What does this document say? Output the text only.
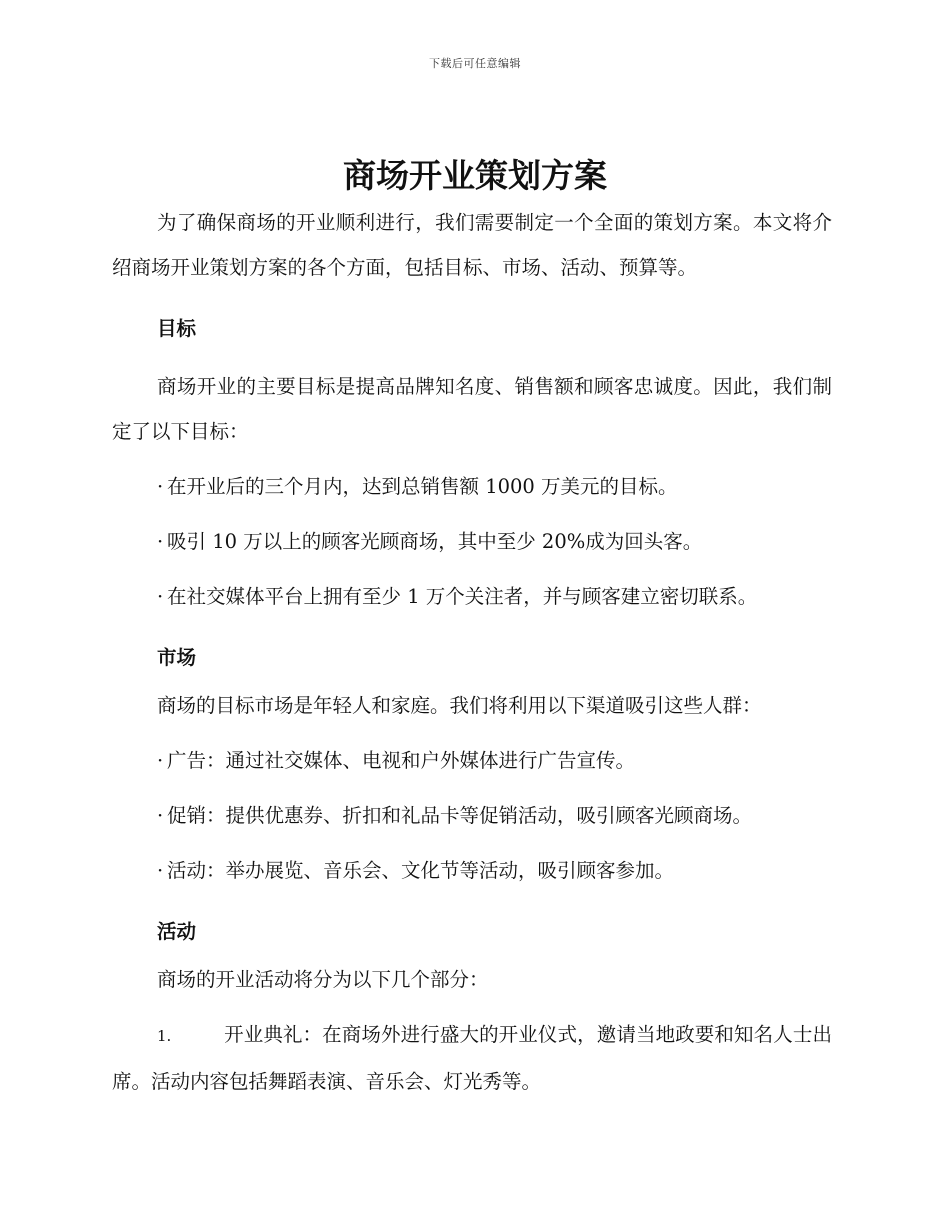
下载后可任意编辑
商场开业策划方案

为了确保商场的开业顺利进行，我们需要制定一个全面的策划方案。本文将介绍商场开业策划方案的各个方面，包括目标、市场、活动、预算等。

目标

商场开业的主要目标是提高品牌知名度、销售额和顾客忠诚度。因此，我们制定了以下目标：

· 在开业后的三个月内，达到总销售额 1000 万美元的目标。

· 吸引 10 万以上的顾客光顾商场，其中至少 20%成为回头客。

· 在社交媒体平台上拥有至少 1 万个关注者，并与顾客建立密切联系。

市场

商场的目标市场是年轻人和家庭。我们将利用以下渠道吸引这些人群：

· 广告：通过社交媒体、电视和户外媒体进行广告宣传。

· 促销：提供优惠券、折扣和礼品卡等促销活动，吸引顾客光顾商场。

· 活动：举办展览、音乐会、文化节等活动，吸引顾客参加。

活动

商场的开业活动将分为以下几个部分：

1.	开业典礼：在商场外进行盛大的开业仪式，邀请当地政要和知名人士出席。活动内容包括舞蹈表演、音乐会、灯光秀等。
